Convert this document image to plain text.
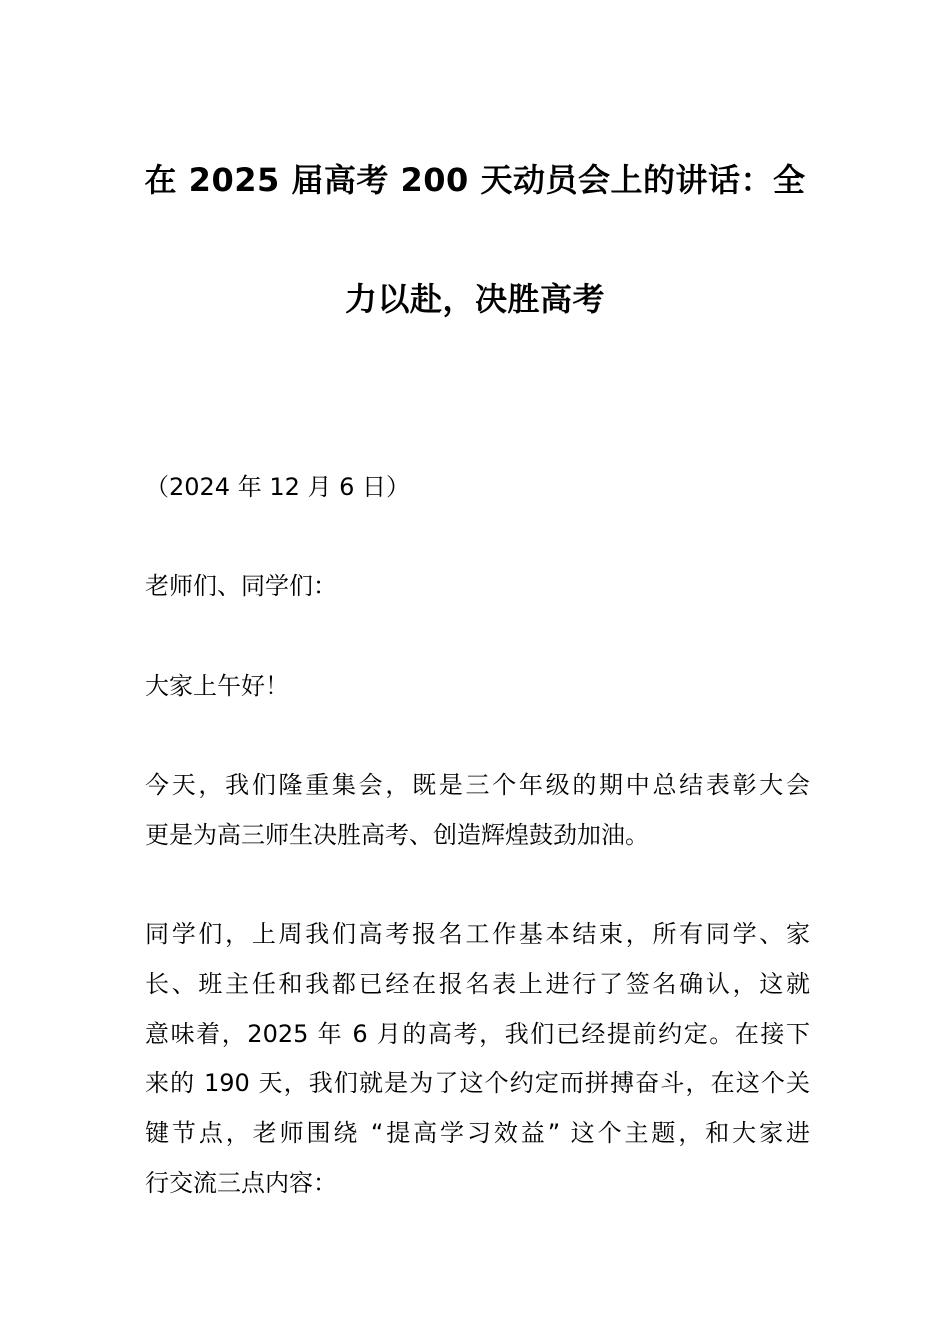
在 2025 届高考 200 天动员会上的讲话：全
力以赴，决胜高考

（2024 年 12 月 6 日）

老师们、同学们：

大家上午好！

今天，我们隆重集会，既是三个年级的期中总结表彰大会
更是为高三师生决胜高考、创造辉煌鼓劲加油。

同学们，上周我们高考报名工作基本结束，所有同学、家
长、班主任和我都已经在报名表上进行了签名确认，这就
意味着，2025 年 6 月的高考，我们已经提前约定。在接下
来的 190 天，我们就是为了这个约定而拼搏奋斗，在这个关
键节点，老师围绕 “提高学习效益” 这个主题，和大家进
行交流三点内容：
